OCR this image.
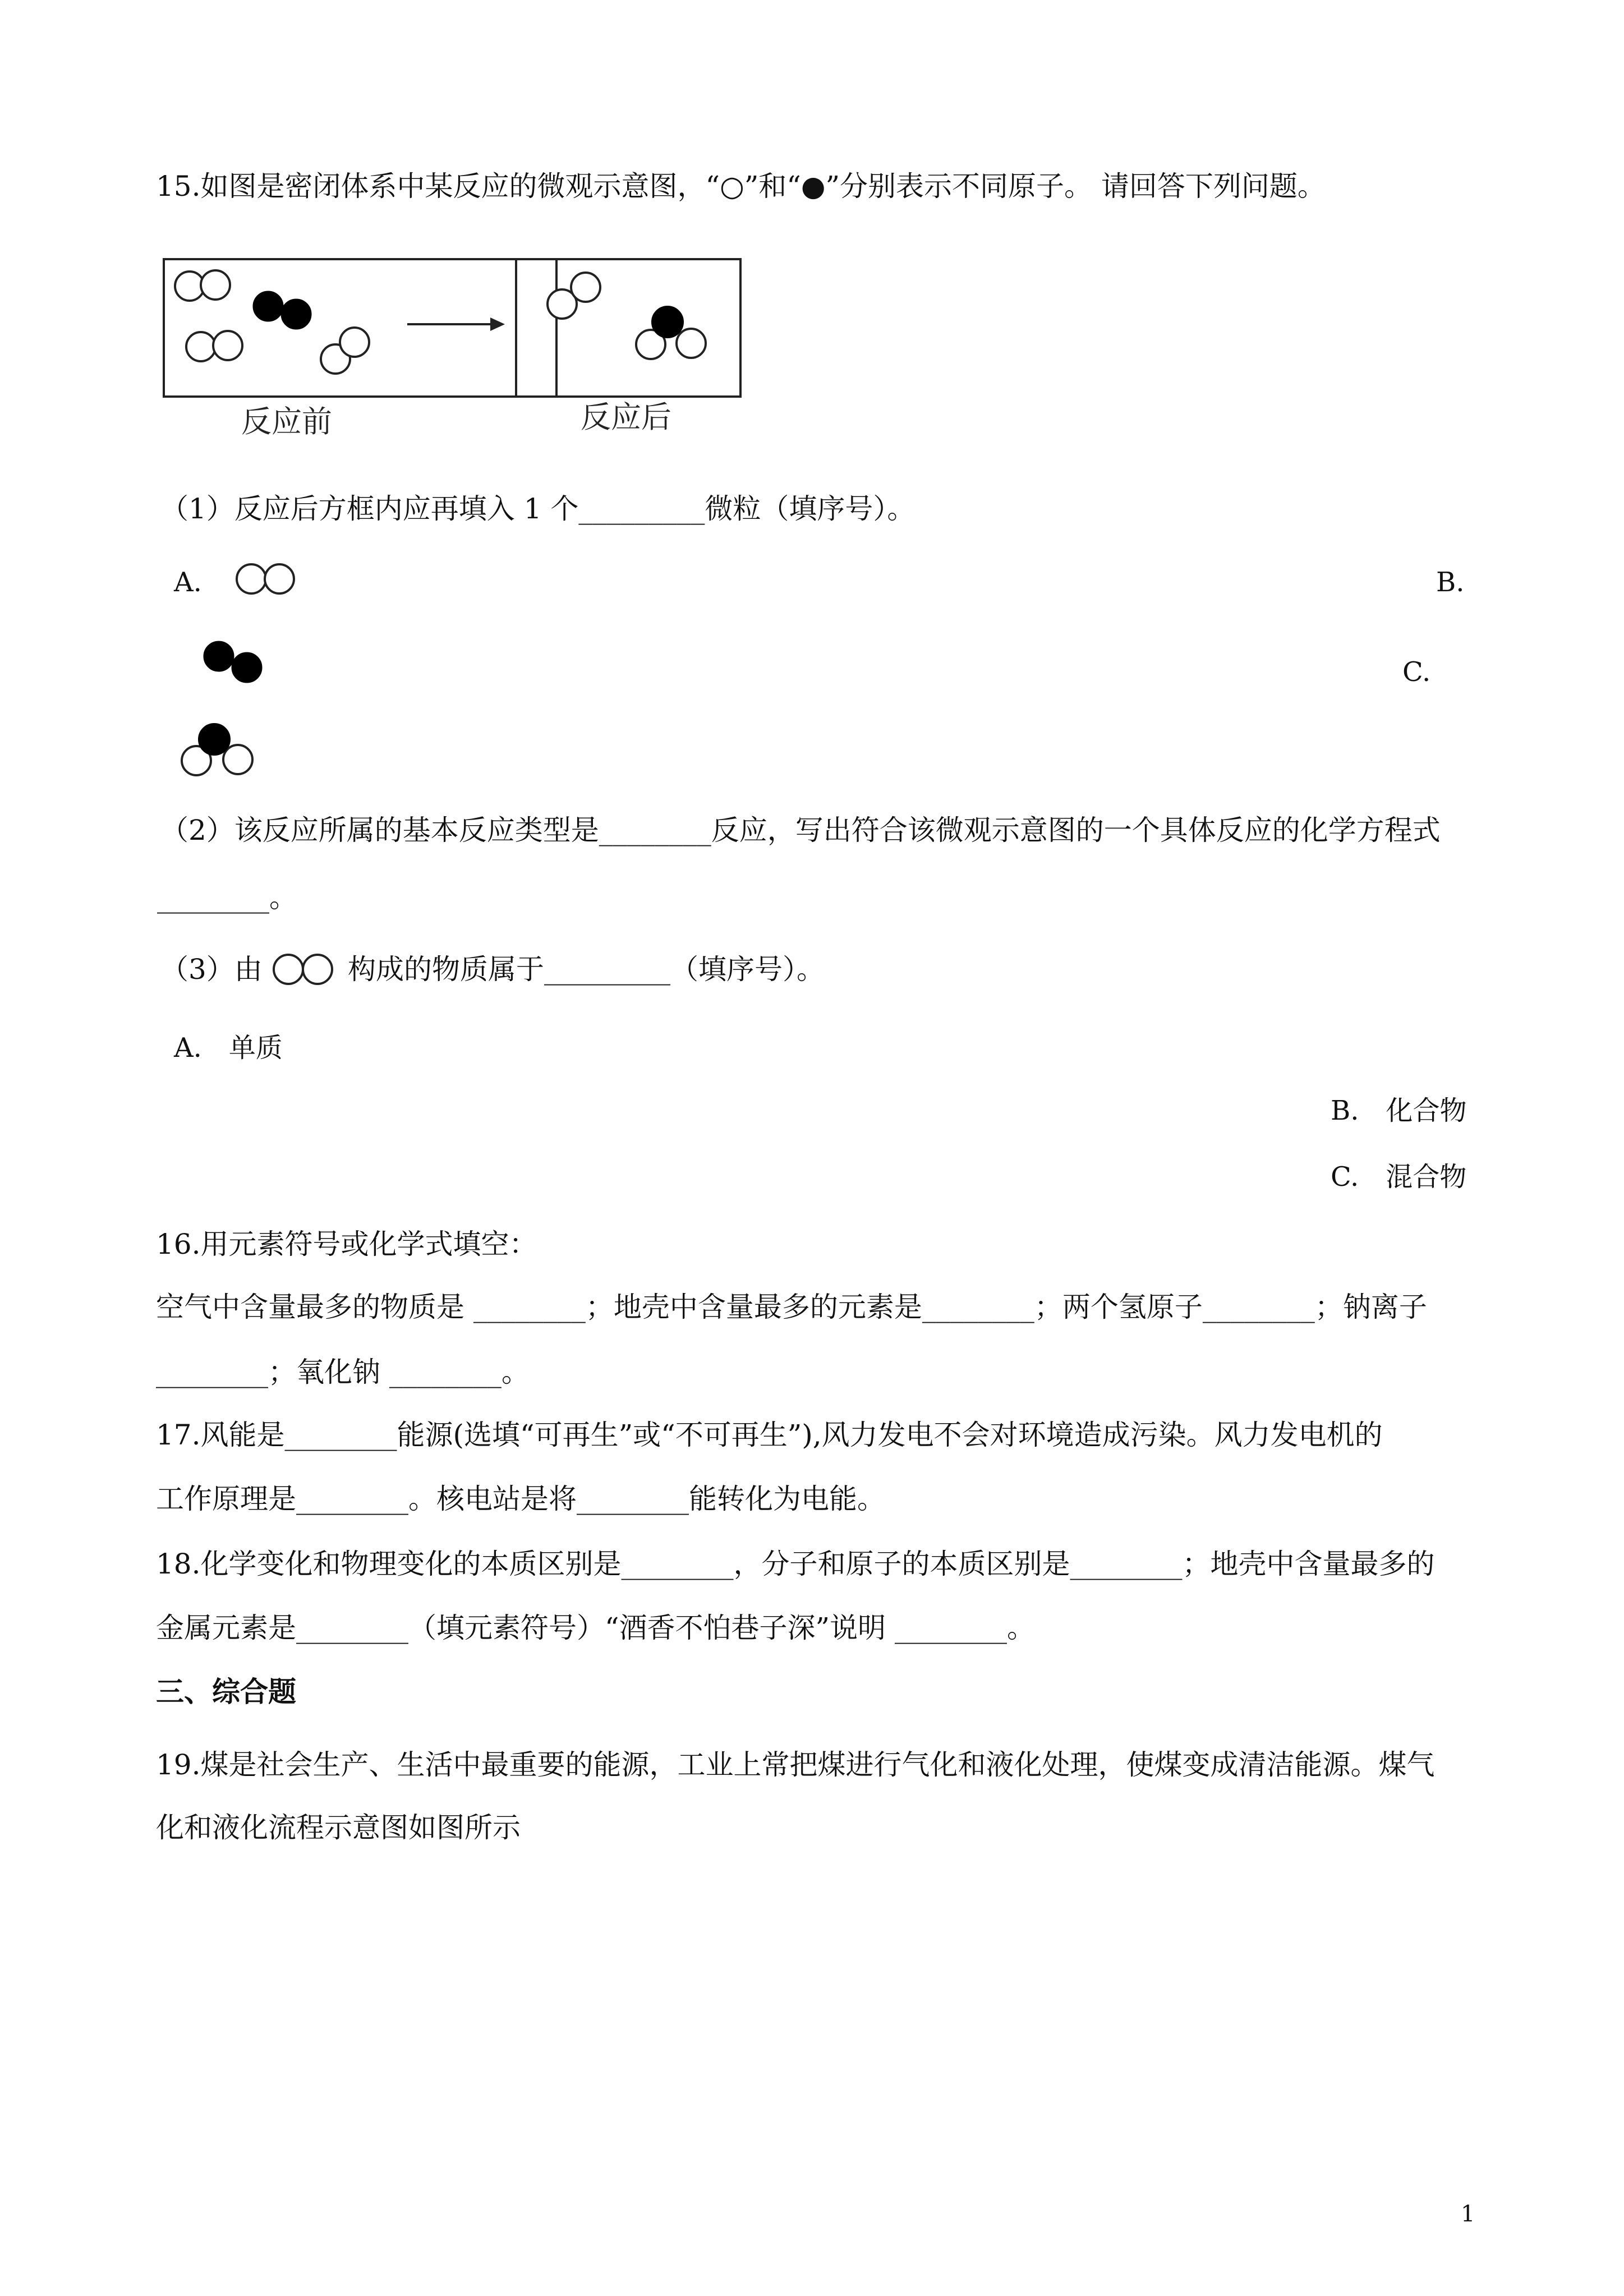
15.如图是密闭体系中某反应的微观示意图，“○”和“●”分别表示不同原子。 请回答下列问题。
反应前	反应后
（1）反应后方框内应再填入 1 个_________微粒（填序号）。
A.	B.
C.
（2）该反应所属的基本反应类型是________反应，写出符合该微观示意图的一个具体反应的化学方程式
________。
（3）由	构成的物质属于_________（填序号）。
A.　单质
B.　化合物
C.　混合物
16.用元素符号或化学式填空：
空气中含量最多的物质是 ________；地壳中含量最多的元素是________；两个氢原子________；钠离子
________；氧化钠 ________。
17.风能是________能源(选填“可再生”或“不可再生”),风力发电不会对环境造成污染。风力发电机的
工作原理是________。核电站是将________能转化为电能。
18.化学变化和物理变化的本质区别是________，分子和原子的本质区别是________；地壳中含量最多的
金属元素是________（填元素符号）“酒香不怕巷子深”说明 ________。
三、综合题
19.煤是社会生产、生活中最重要的能源，工业上常把煤进行气化和液化处理，使煤变成清洁能源。煤气
化和液化流程示意图如图所示
1
